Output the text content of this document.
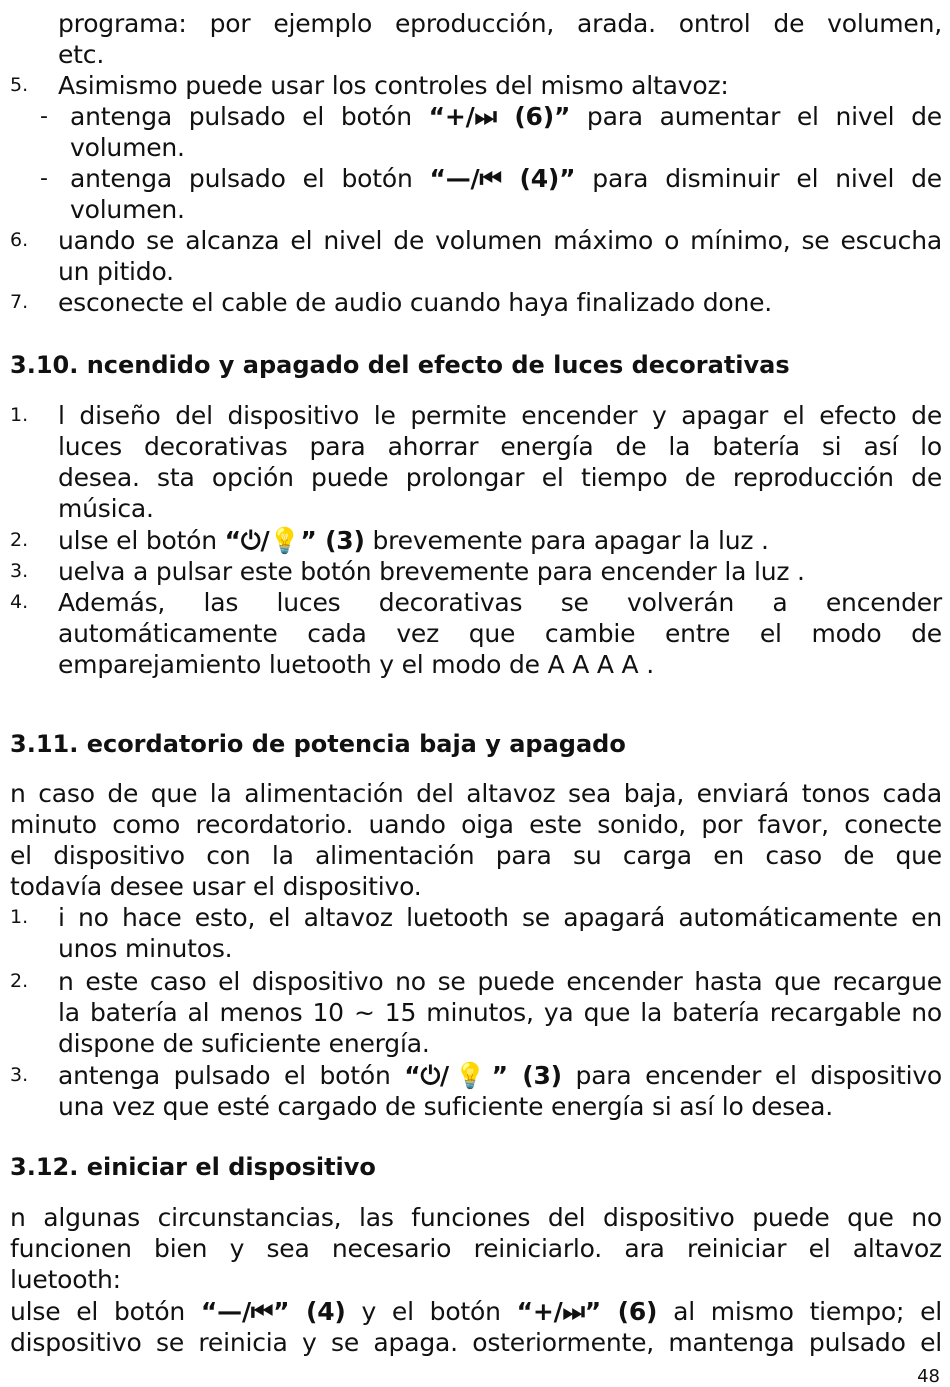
programa: por ejemplo eproducción, arada. ontrol de volumen,
etc.
5. Asimismo puede usar los controles del mismo altavoz:
- antenga pulsado el botón “+/⏭ (6)” para aumentar el nivel de
volumen.
- antenga pulsado el botón “—/⏮ (4)” para disminuir el nivel de
volumen.
6. uando se alcanza el nivel de volumen máximo o mínimo, se escucha
un pitido.
7. esconecte el cable de audio cuando haya finalizado done.
3.10. ncendido y apagado del efecto de luces decorativas
1. l diseño del dispositivo le permite encender y apagar el efecto de
luces decorativas para ahorrar energía de la batería si así lo
desea. sta opción puede prolongar el tiempo de reproducción de
música.
2. ulse el botón “⏻/💡” (3) brevemente para apagar la luz .
3. uelva a pulsar este botón brevemente para encender la luz .
4. Además, las luces decorativas se volverán a encender
automáticamente cada vez que cambie entre el modo de
emparejamiento luetooth y el modo de A A A A .
3.11. ecordatorio de potencia baja y apagado
n caso de que la alimentación del altavoz sea baja, enviará tonos cada
minuto como recordatorio. uando oiga este sonido, por favor, conecte
el dispositivo con la alimentación para su carga en caso de que
todavía desee usar el dispositivo.
1. i no hace esto, el altavoz luetooth se apagará automáticamente en
unos minutos.
2. n este caso el dispositivo no se puede encender hasta que recargue
la batería al menos 10 ~ 15 minutos, ya que la batería recargable no
dispone de suficiente energía.
3. antenga pulsado el botón “⏻/💡” (3) para encender el dispositivo
una vez que esté cargado de suficiente energía si así lo desea.
3.12. einiciar el dispositivo
n algunas circunstancias, las funciones del dispositivo puede que no
funcionen bien y sea necesario reiniciarlo. ara reiniciar el altavoz
luetooth:
ulse el botón “—/⏮” (4) y el botón “+/⏭” (6) al mismo tiempo; el
dispositivo se reinicia y se apaga. osteriormente, mantenga pulsado el
48
